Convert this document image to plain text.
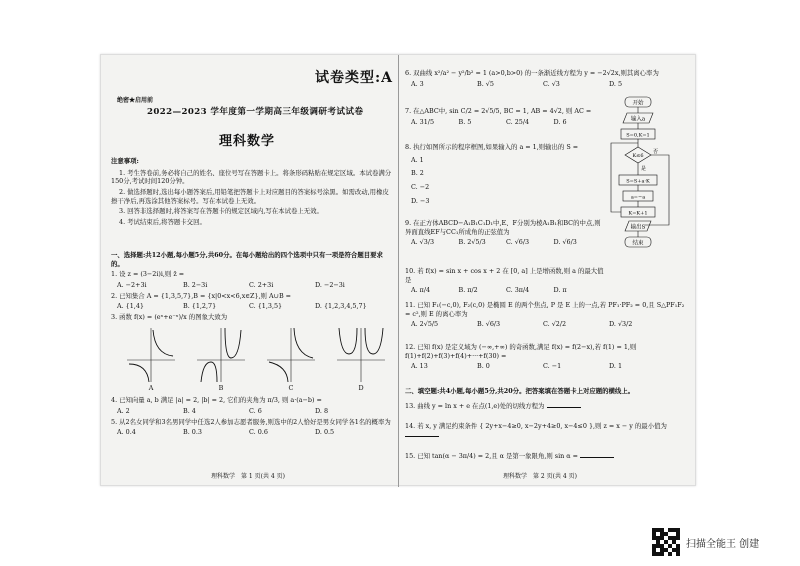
试卷类型:A
绝密★启用前
2022—2023 学年度第一学期高三年级调研考试试卷
理科数学
注意事项:

1. 考生答卷前,务必将自己的姓名、座位号写在答题卡上。将条形码粘贴在规定区域。本试卷满分150分,考试时间120分钟。

2. 做选择题时,选出每小题答案后,用铅笔把答题卡上对应题目的答案标号涂黑。如需改动,用橡皮擦干净后,再选涂其他答案标号。写在本试卷上无效。

3. 回答非选择题时,将答案写在答题卡的规定区域内,写在本试卷上无效。

4. 考试结束后,将答题卡交回。

一、选择题:共12小题,每小题5分,共60分。在每小题给出的四个选项中只有一项是符合题目要求的。
1. 设 z = (3−2i)i,则 z̄ =
A. −2+3i	B. 2−3i	C. 2+3i	D. −2−3i
2. 已知集合 A = {1,3,5,7},B = {x|0<x<6,x∈Z},则 A∪B =
A. {1,4}	B. {1,2,7}	C. {1,3,5}	D. {1,2,3,4,5,7}
3. 函数 f(x) = (eˣ+e⁻ˣ)/x 的图象大致为
A	B	C	D
4. 已知向量 a, b 满足 |a| = 2, |b| = 2, 它们的夹角为 π/3, 则 a·(a−b) =
A. 2	B. 4	C. 6	D. 8
5. 从2名女同学和3名男同学中任选2人参加志愿者服务,则选中的2人恰好是男女同学各1名的概率为
A. 0.4	B. 0.3	C. 0.6	D. 0.5
理科数学　第 1 页(共 4 页)
6. 双曲线 x²/a² − y²/b² = 1 (a>0,b>0) 的一条渐近线方程为 y = −2√2x,则其离心率为
A. 3	B. √5	C. √3	D. 5
7. 在△ABC中, sin C/2 = 2√5/5, BC = 1, AB = 4√2, 则 AC =
A. 31/5	B. 5	C. 25/4	D. 6
8. 执行如图所示的程序框图,如果输入的 a = 1,则输出的 S =
A. 1
B. 2
C. −2
D. −3
开始
输入a
S=0,K=1
K≤6
是
否
S=S+a·K
a=−a
K=K+1
输出S
结束
9. 在正方体ABCD−A₁B₁C₁D₁中,E、F分别为棱A₁B₁和BC的中点,则异面直线EF与CC₁所成角的正弦值为
A. √3/3	B. 2√5/3	C. √6/3	D. √6/3
10. 若 f(x) = sin x + cos x + 2 在 [0, a] 上是增函数,则 a 的最大值是
A. π/4	B. π/2	C. 3π/4	D. π
11. 已知 F₁(−c,0), F₂(c,0) 是椭圆 E 的两个焦点, P 是 E 上的一点,若 PF₁·PF₂ = 0,且 S△PF₁F₂ = c²,则 E 的离心率为
A. 2√5/5	B. √6/3	C. √2/2	D. √3/2
12. 已知 f(x) 是定义域为 (−∞,+∞) 的奇函数,满足 f(x) = f(2−x),若 f(1) = 1,则 f(1)+f(2)+f(3)+f(4)+···+f(30) =
A. 13	B. 0	C. −1	D. 1
二、填空题:共4小题,每小题5分,共20分。把答案填在答题卡上对应题的横线上。
13. 曲线 y = ln x + e 在点(1,e)处的切线方程为
14. 若 x, y 满足约束条件 { 2y+x−4≥0, x−2y+4≥0, x−4≤0 },则 z = x − y 的最小值为
15. 已知 tan(α − 3π/4) = 2,且 α 是第一象限角,则 sin α =
理科数学　第 2 页(共 4 页)
扫描全能王 创建
